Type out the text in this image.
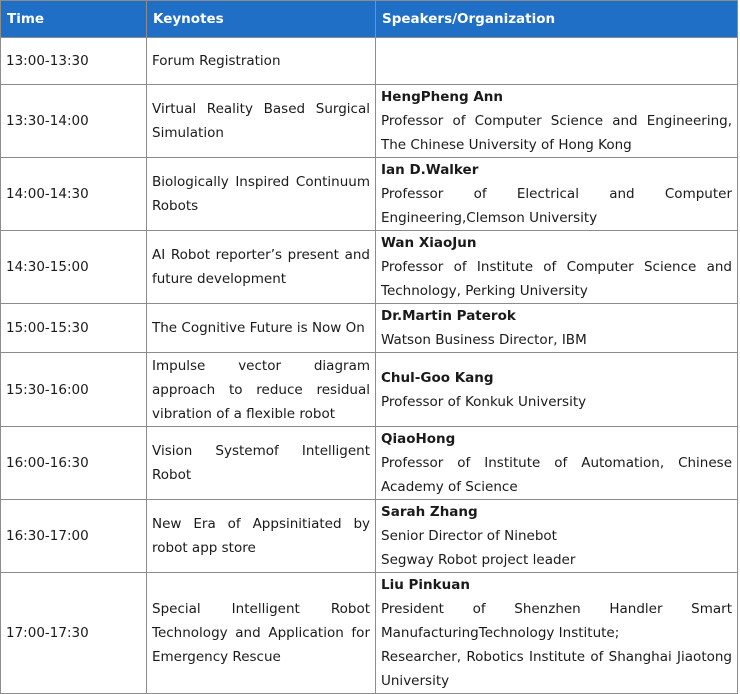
Time	Keynotes	Speakers/Organization
13:00-13:30	Forum Registration	
13:30-14:00	Virtual Reality Based Surgical Simulation	HengPheng Ann
Professor of Computer Science and Engineering, The Chinese University of Hong Kong

14:00-14:30	Biologically Inspired Continuum Robots	Ian D.Walker
Professor of Electrical and Computer Engineering,Clemson University

14:30-15:00	AI Robot reporter’s present and future development	Wan XiaoJun
Professor of Institute of Computer Science and Technology, Perking University

15:00-15:30	The Cognitive Future is Now On	Dr.Martin Paterok
Watson Business Director, IBM

15:30-16:00	Impulse vector diagram approach to reduce residual vibration of a flexible robot	Chul-Goo Kang
Professor of Konkuk University

16:00-16:30	Vision Systemof Intelligent Robot	QiaoHong
Professor of Institute of Automation, Chinese Academy of Science

16:30-17:00	New Era of Appsinitiated by robot app store	Sarah Zhang
Senior Director of Ninebot
Segway Robot project leader

17:00-17:30	Special Intelligent Robot Technology and Application for Emergency Rescue	Liu Pinkuan
President of Shenzhen Handler Smart ManufacturingTechnology Institute;
Researcher, Robotics Institute of Shanghai Jiaotong University
